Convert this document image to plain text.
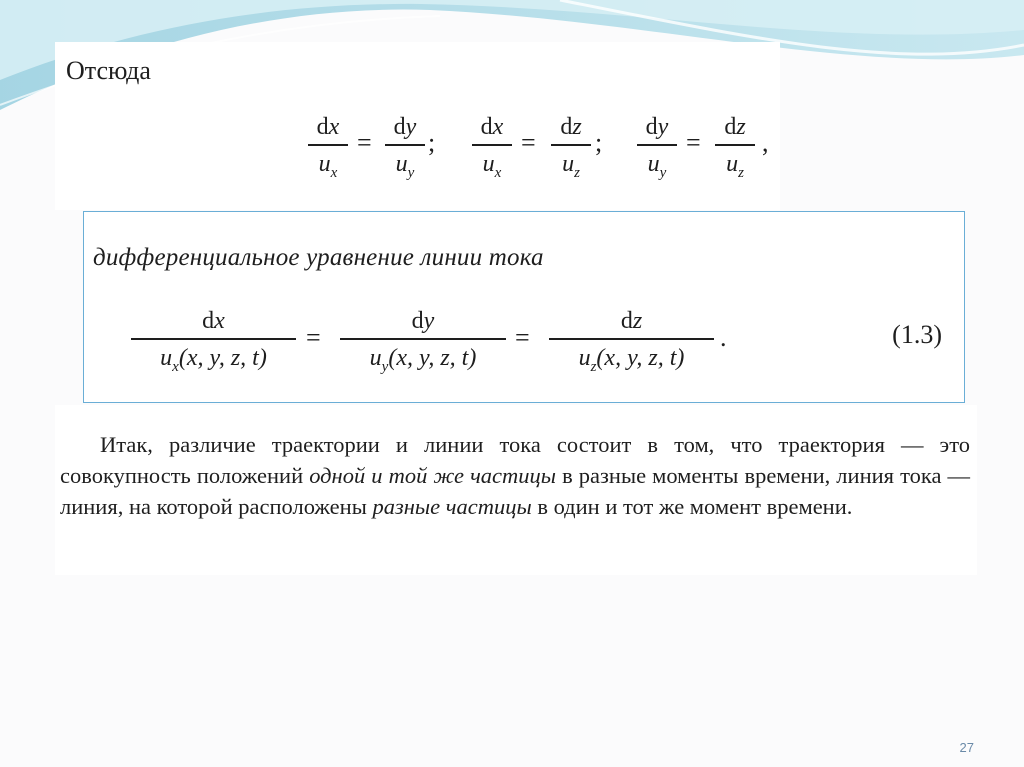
Отсюда
dx
$u_x$
=
dy
$u_y$
;
dx
$u_x$
=
dz
$u_z$
;
dy
$u_y$
=
dz
$u_z$
,
дифференциальное уравнение линии тока
dx
$u_x(x$, y, z, t)
=
dy
$u_y(x$, y, z, t)
=
dz
$u_z(x$, y, z, t)
.	(1.3)

Итак, различие траектории и линии тока состоит в том, что траектория — это совокупность положений одной и той же частицы в разные моменты времени, линия тока — линия, на которой расположены разные частицы в один и тот же момент времени.

27
